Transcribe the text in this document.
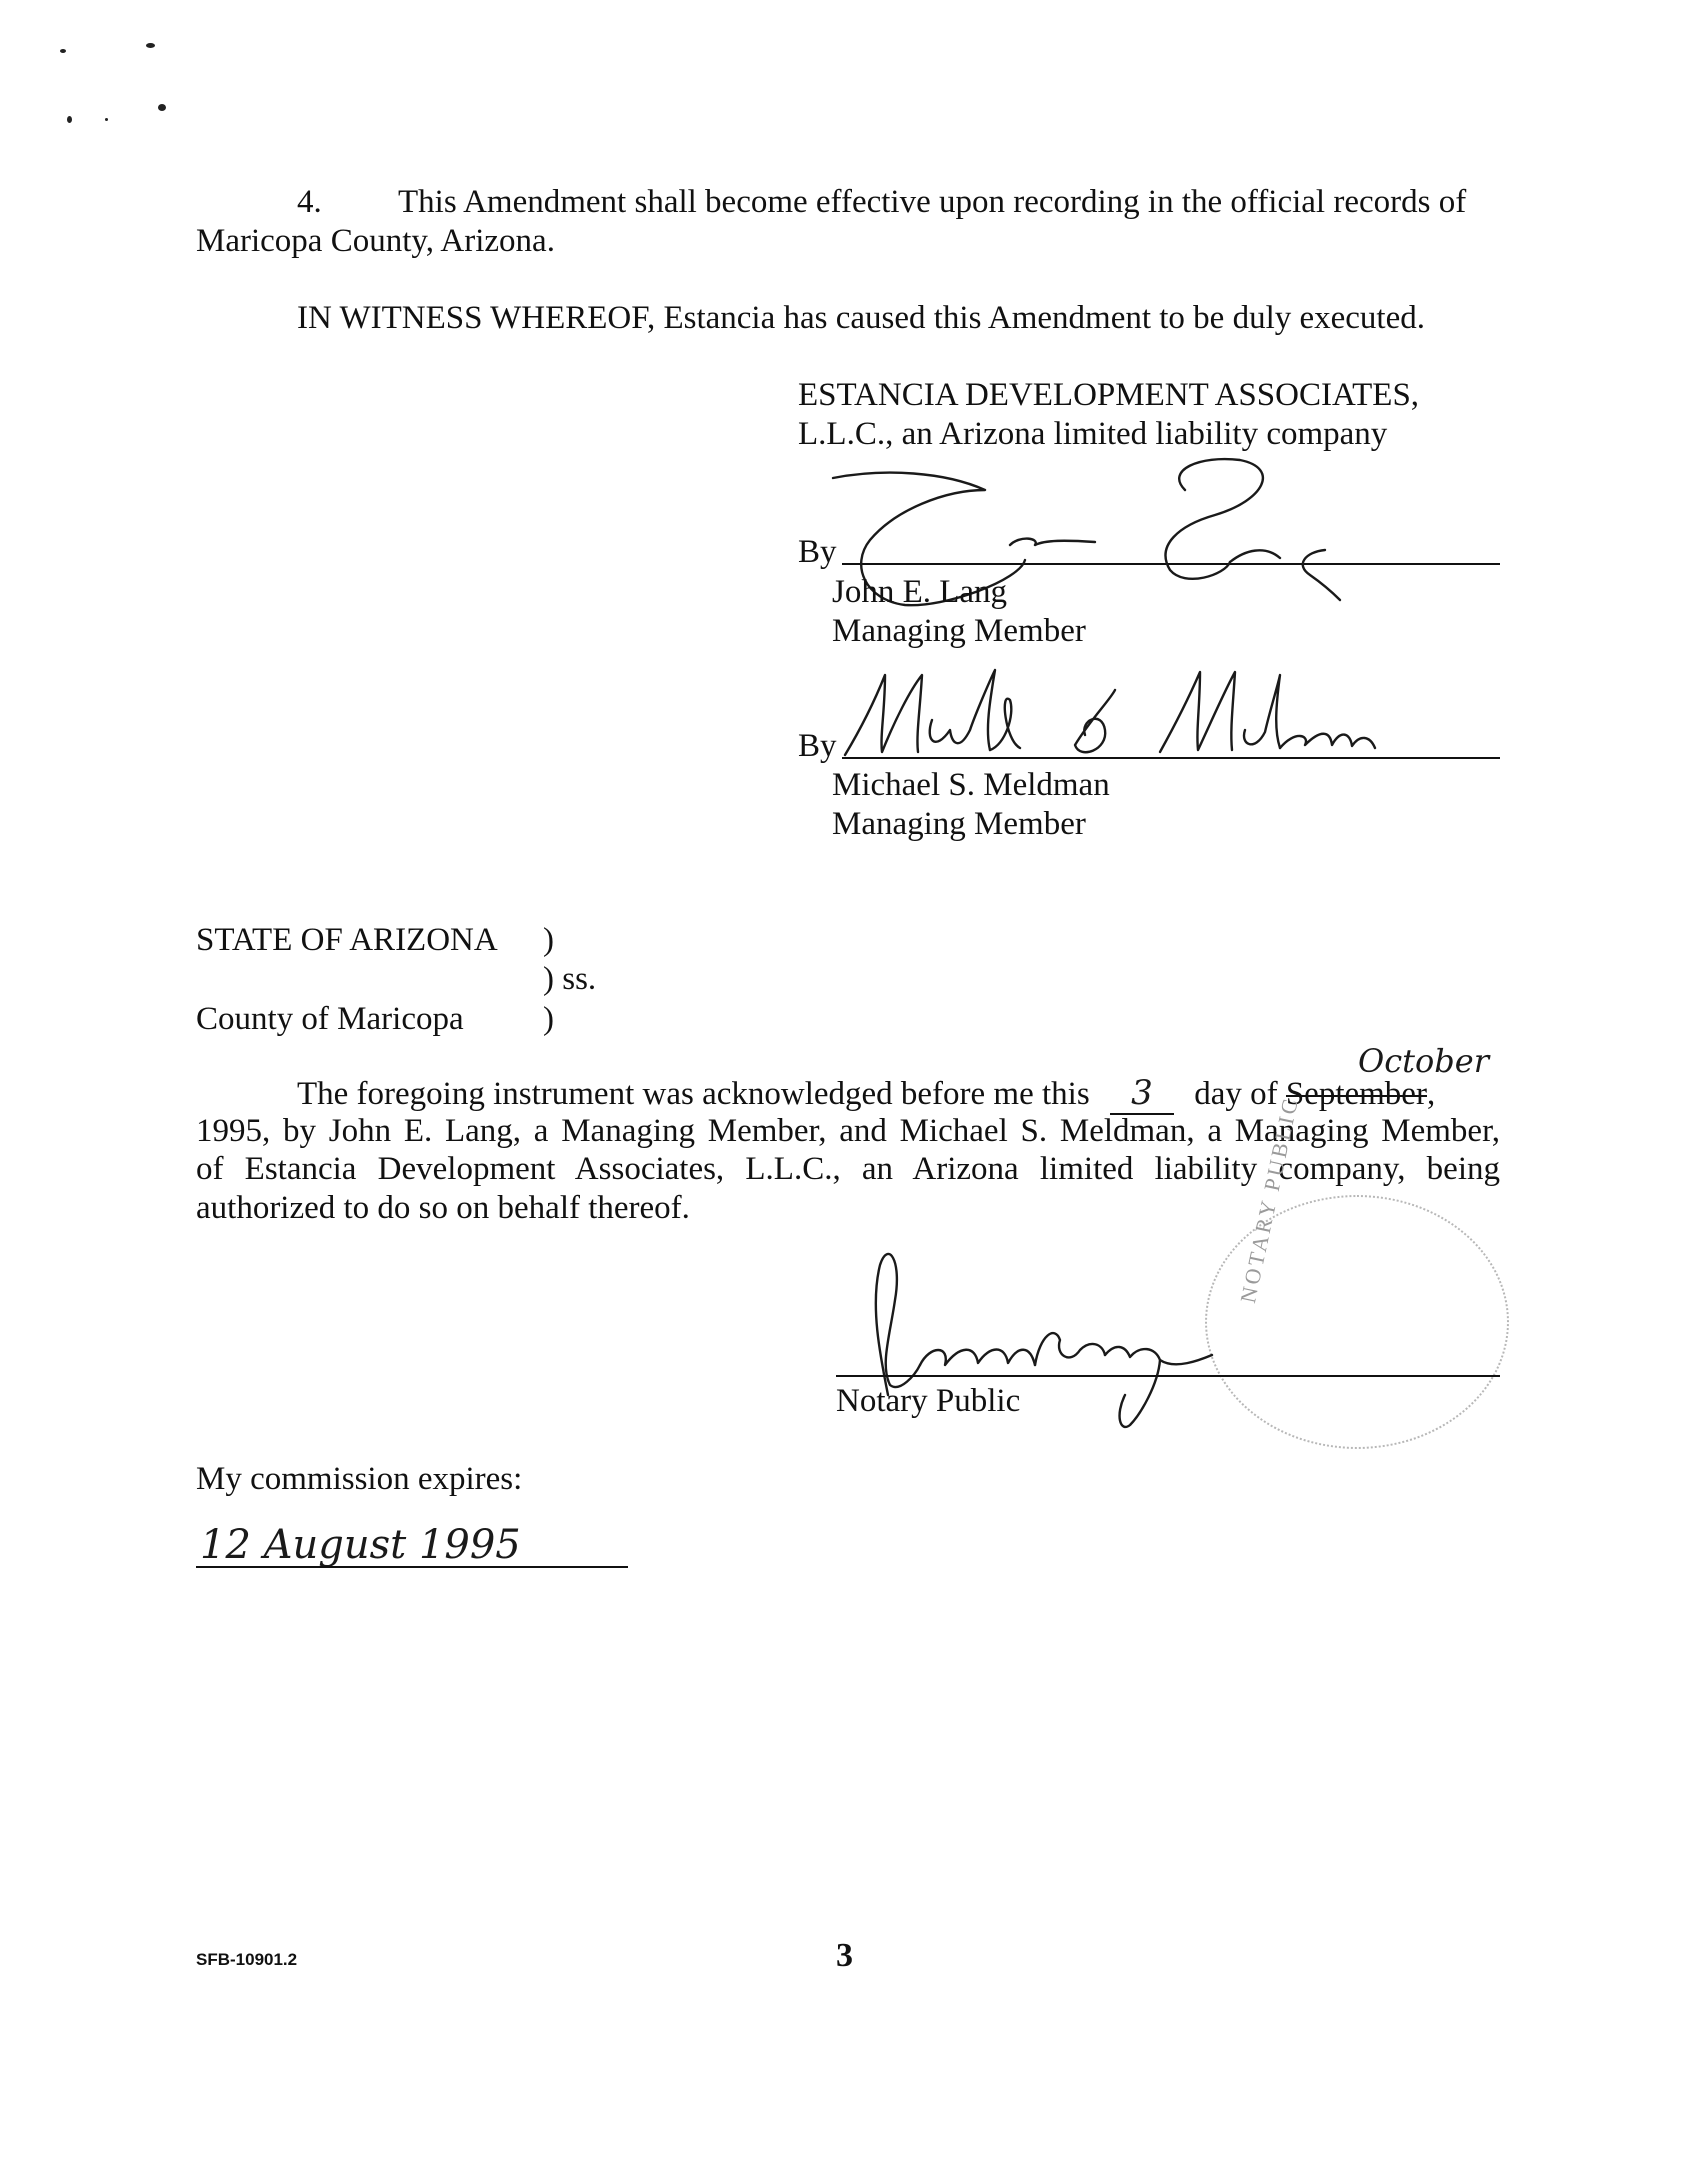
4. This Amendment shall become effective upon recording in the official records of

Maricopa County, Arizona.

IN WITNESS WHEREOF, Estancia has caused this Amendment to be duly executed.

ESTANCIA DEVELOPMENT ASSOCIATES,

L.L.C., an Arizona limited liability company

By

John E. Lang

Managing Member

By

Michael S. Meldman

Managing Member

STATE OF ARIZONA )

) ss.

County of Maricopa )

The foregoing instrument was acknowledged before me this 3 day of September,

October

1995, by John E. Lang, a Managing Member, and Michael S. Meldman, a Managing Member,

of Estancia Development Associates, L.L.C., an Arizona limited liability company, being

authorized to do so on behalf thereof.	NOTARY PUBLIC

Notary Public

My commission expires:

12 August 1995
SFB-10901.2	3
